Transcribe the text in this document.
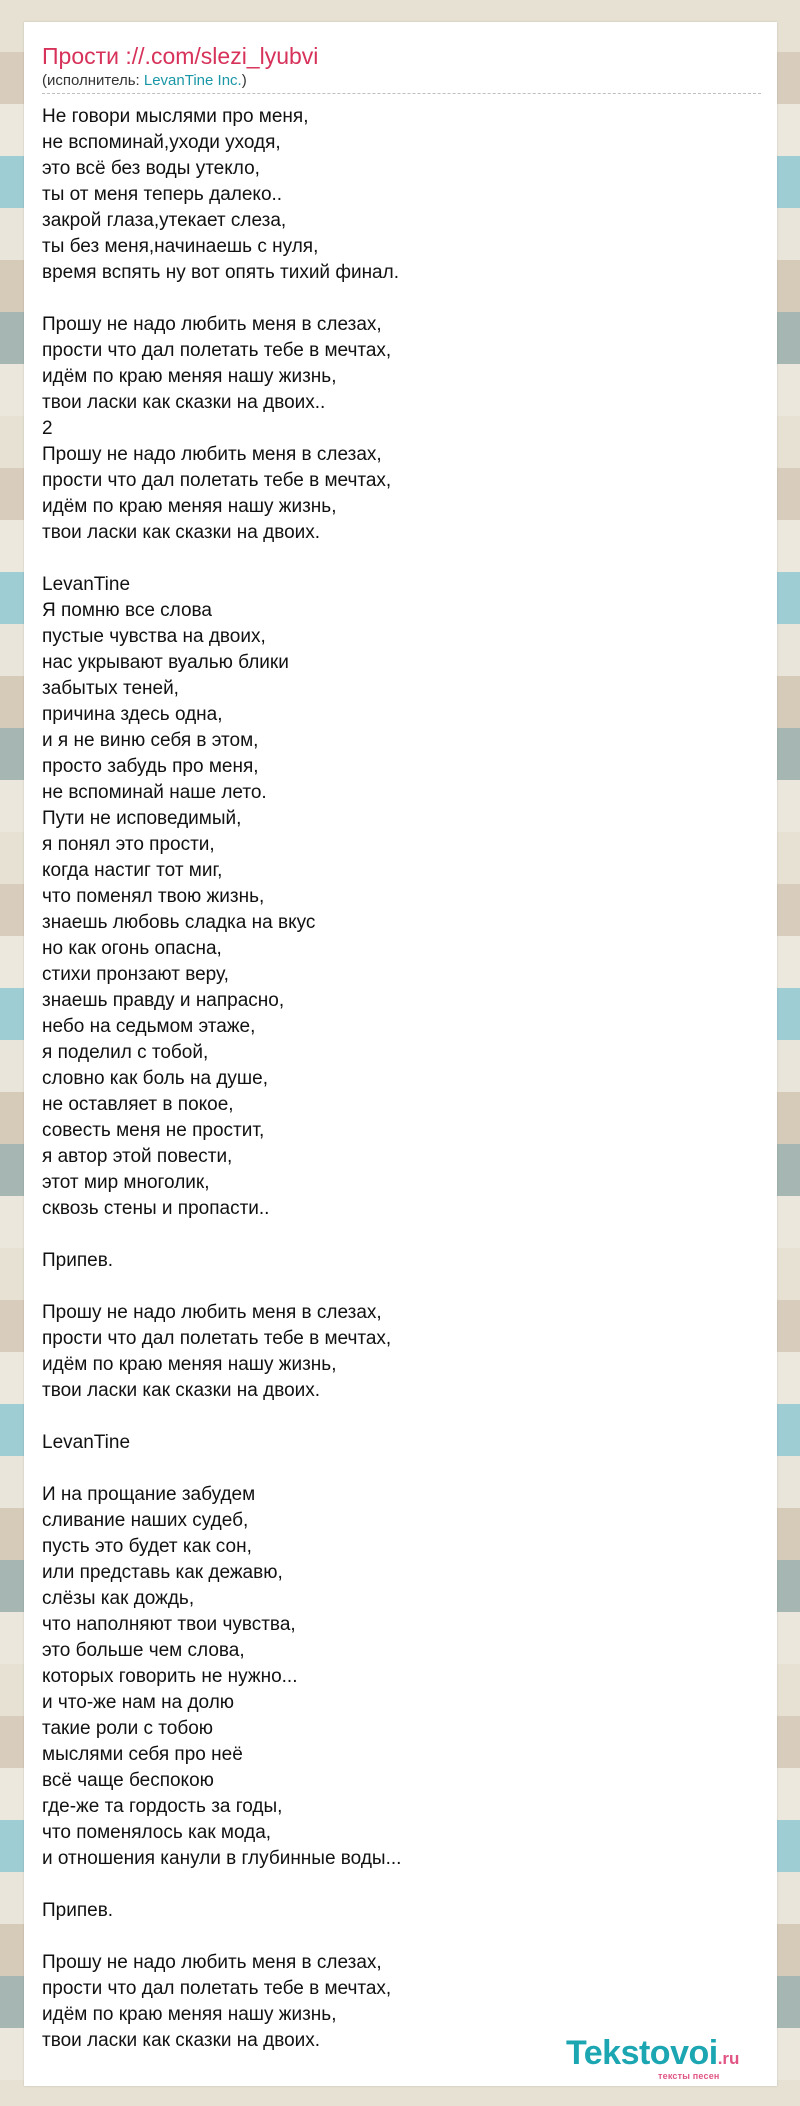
Прости ://.com/slezi_lyubvi
(исполнитель: LevanTine Inc.)
Не говори мыслями про меня,
не вспоминай,уходи уходя,
это всё без воды утекло,
ты от меня теперь далеко..
закрой глаза,утекает слеза,
ты без меня,начинаешь с нуля,
время вспять ну вот опять тихий финал.

Прошу не надо любить меня в слезах,
прости что дал полетать тебе в мечтах,
идём по краю меняя нашу жизнь,
твои ласки как сказки на двоих..
2
Прошу не надо любить меня в слезах,
прости что дал полетать тебе в мечтах,
идём по краю меняя нашу жизнь,
твои ласки как сказки на двоих.

LevanTine
Я помню все слова
пустые чувства на двоих,
нас укрывают вуалью блики
забытых теней,
причина здесь одна,
и я не виню себя в этом,
просто забудь про меня,
не вспоминай наше лето.
Пути не исповедимый,
я понял это прости,
когда настиг тот миг,
что поменял твою жизнь,
знаешь любовь сладка на вкус
но как огонь опасна,
стихи пронзают веру,
знаешь правду и напрасно,
небо на седьмом этаже,
я поделил с тобой,
словно как боль на душе,
не оставляет в покое,
совесть меня не простит,
я автор этой повести,
этот мир многолик,
сквозь стены и пропасти..

Припев.

Прошу не надо любить меня в слезах,
прости что дал полетать тебе в мечтах,
идём по краю меняя нашу жизнь,
твои ласки как сказки на двоих.

LevanTine

И на прощание забудем
сливание наших судеб,
пусть это будет как сон,
или представь как дежавю,
слёзы как дождь,
что наполняют твои чувства,
это больше чем слова,
которых говорить не нужно...
и что-же нам на долю
такие роли с тобою
мыслями себя про неё
всё чаще беспокою
где-же та гордость за годы,
что поменялось как мода,
и отношения канули в глубинные воды...

Припев.

Прошу не надо любить меня в слезах,
прости что дал полетать тебе в мечтах,
идём по краю меняя нашу жизнь,
твои ласки как сказки на двоих.	Tekstovoi.ru
тексты песен
